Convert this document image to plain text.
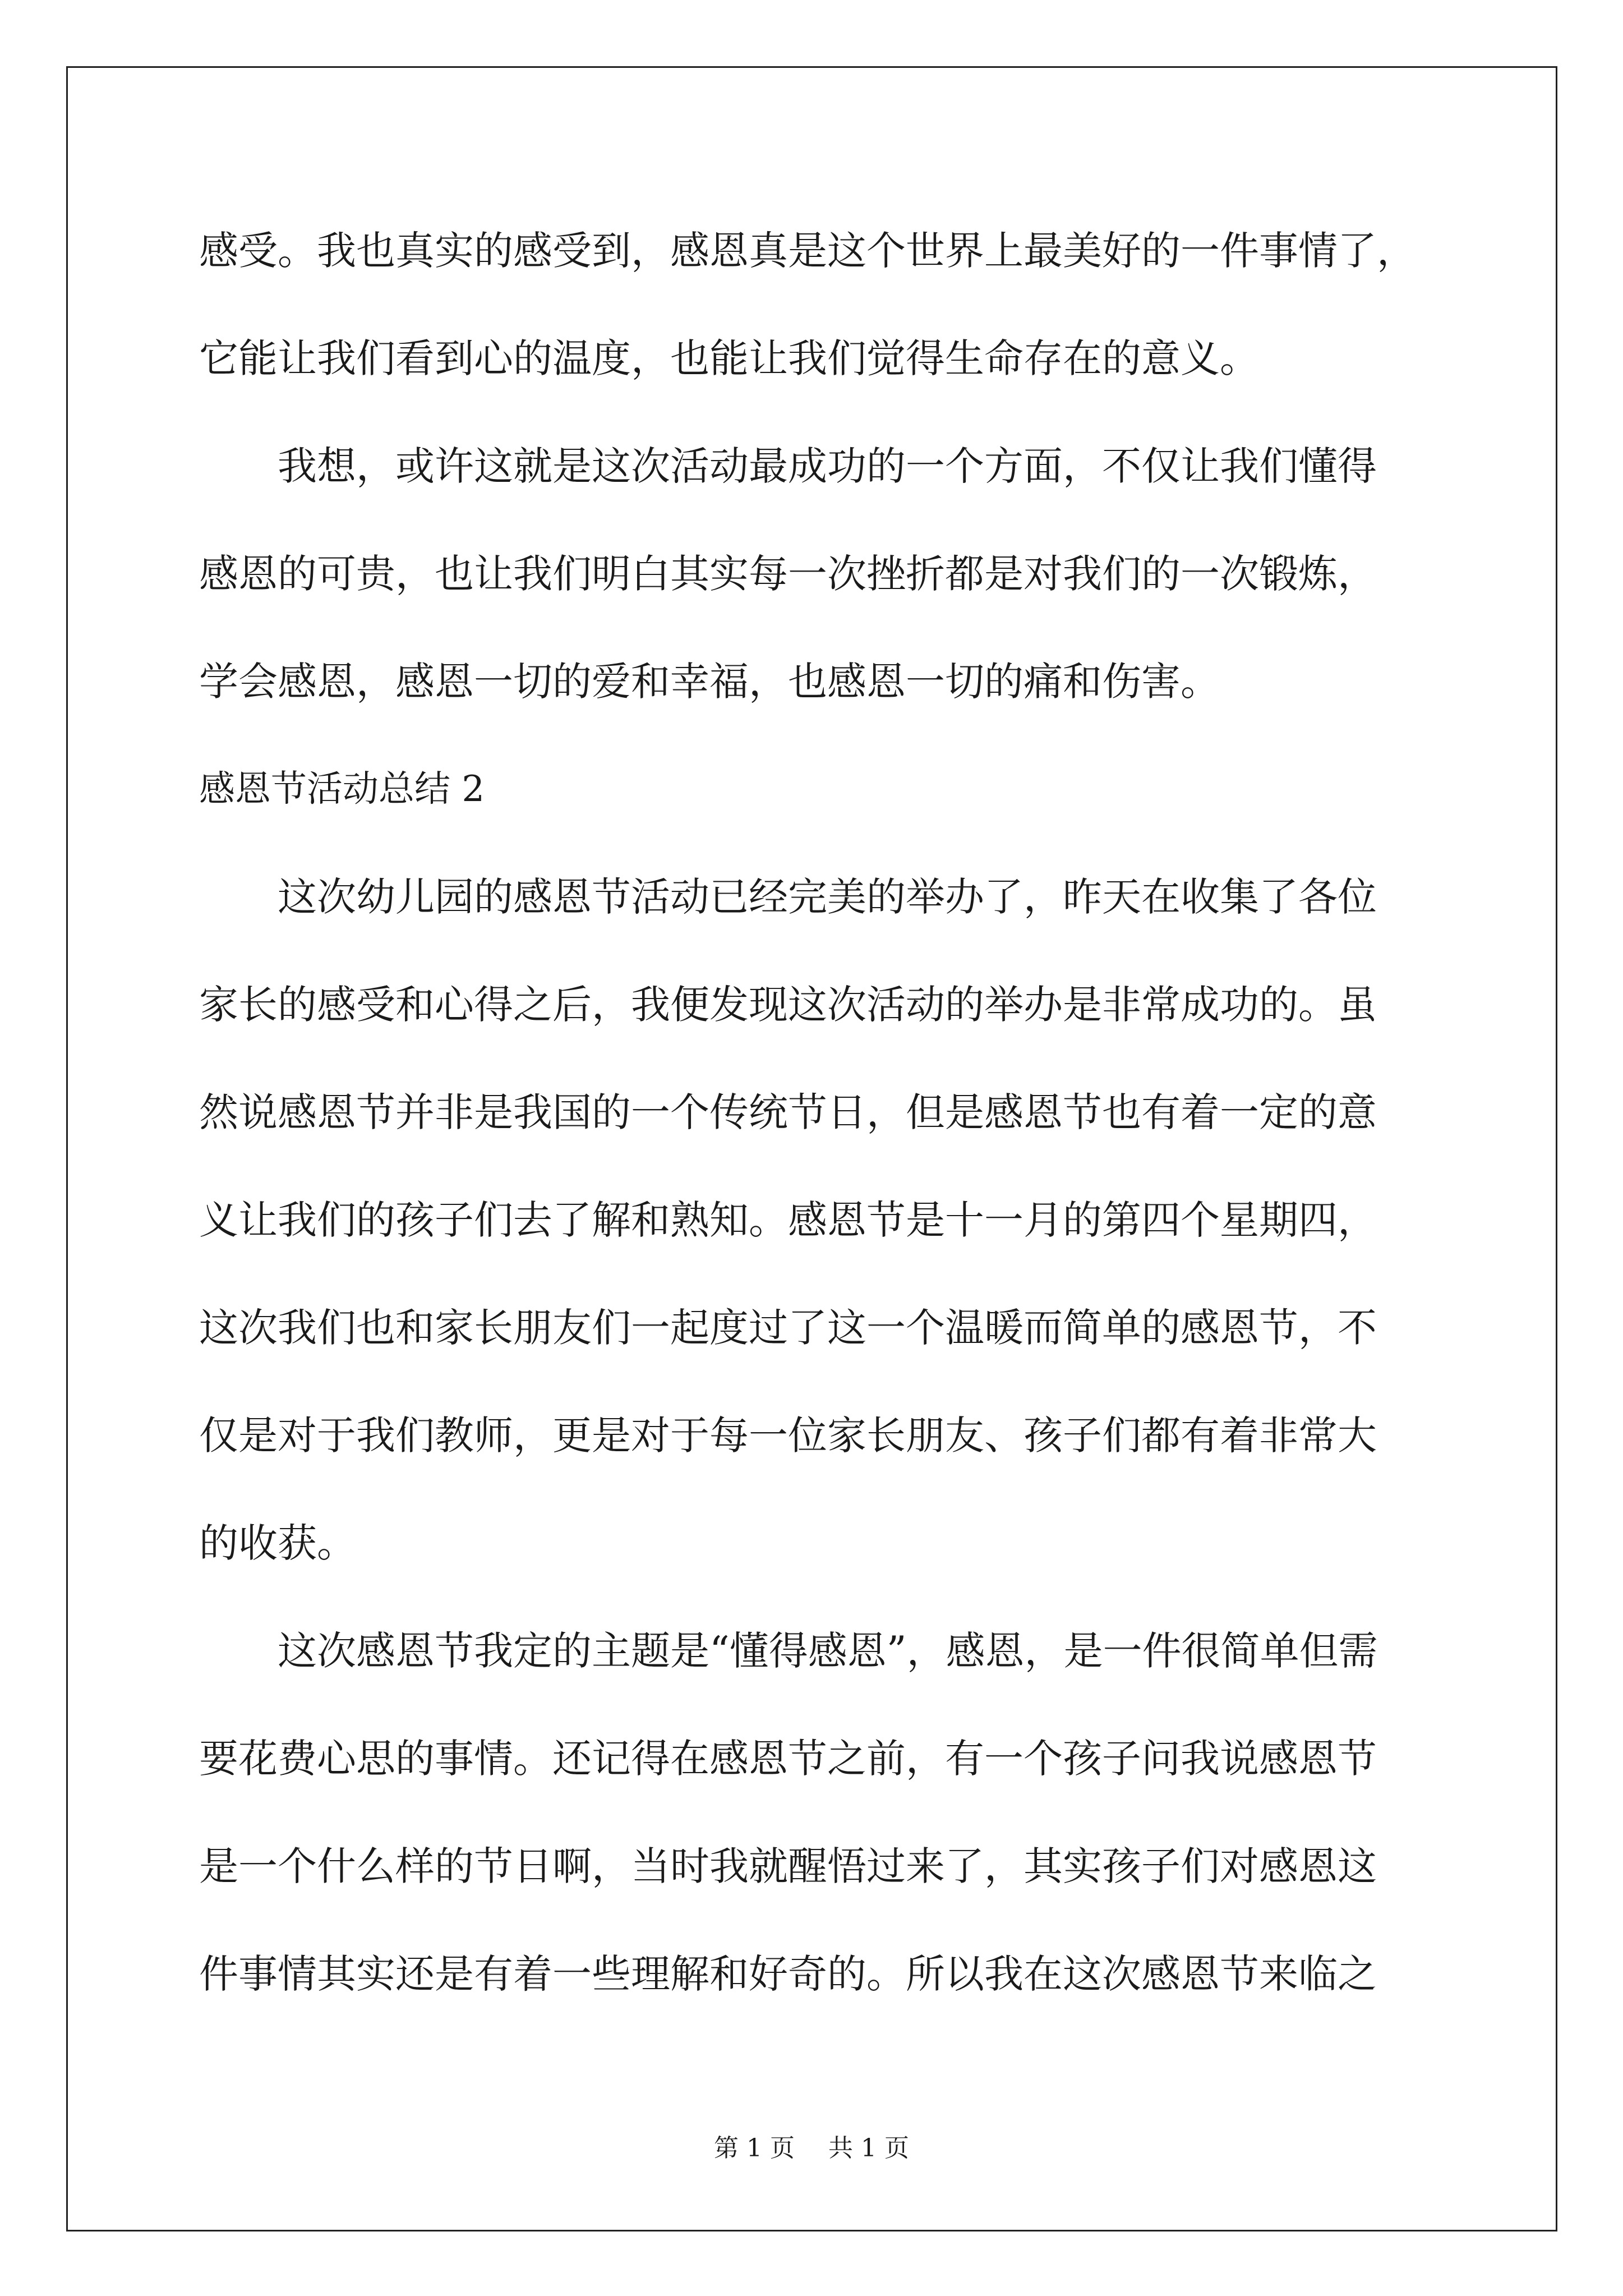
感受。我也真实的感受到，感恩真是这个世界上最美好的一件事情了，
它能让我们看到心的温度，也能让我们觉得生命存在的意义。
我想，或许这就是这次活动最成功的一个方面，不仅让我们懂得
感恩的可贵，也让我们明白其实每一次挫折都是对我们的一次锻炼，
学会感恩，感恩一切的爱和幸福，也感恩一切的痛和伤害。
感恩节活动总结 2
这次幼儿园的感恩节活动已经完美的举办了，昨天在收集了各位
家长的感受和心得之后，我便发现这次活动的举办是非常成功的。虽
然说感恩节并非是我国的一个传统节日，但是感恩节也有着一定的意
义让我们的孩子们去了解和熟知。感恩节是十一月的第四个星期四，
这次我们也和家长朋友们一起度过了这一个温暖而简单的感恩节，不
仅是对于我们教师，更是对于每一位家长朋友、孩子们都有着非常大
的收获。
这次感恩节我定的主题是“懂得感恩”，感恩，是一件很简单但需
要花费心思的事情。还记得在感恩节之前，有一个孩子问我说感恩节
是一个什么样的节日啊，当时我就醒悟过来了，其实孩子们对感恩这
件事情其实还是有着一些理解和好奇的。所以我在这次感恩节来临之
第 1 页 共 1 页
